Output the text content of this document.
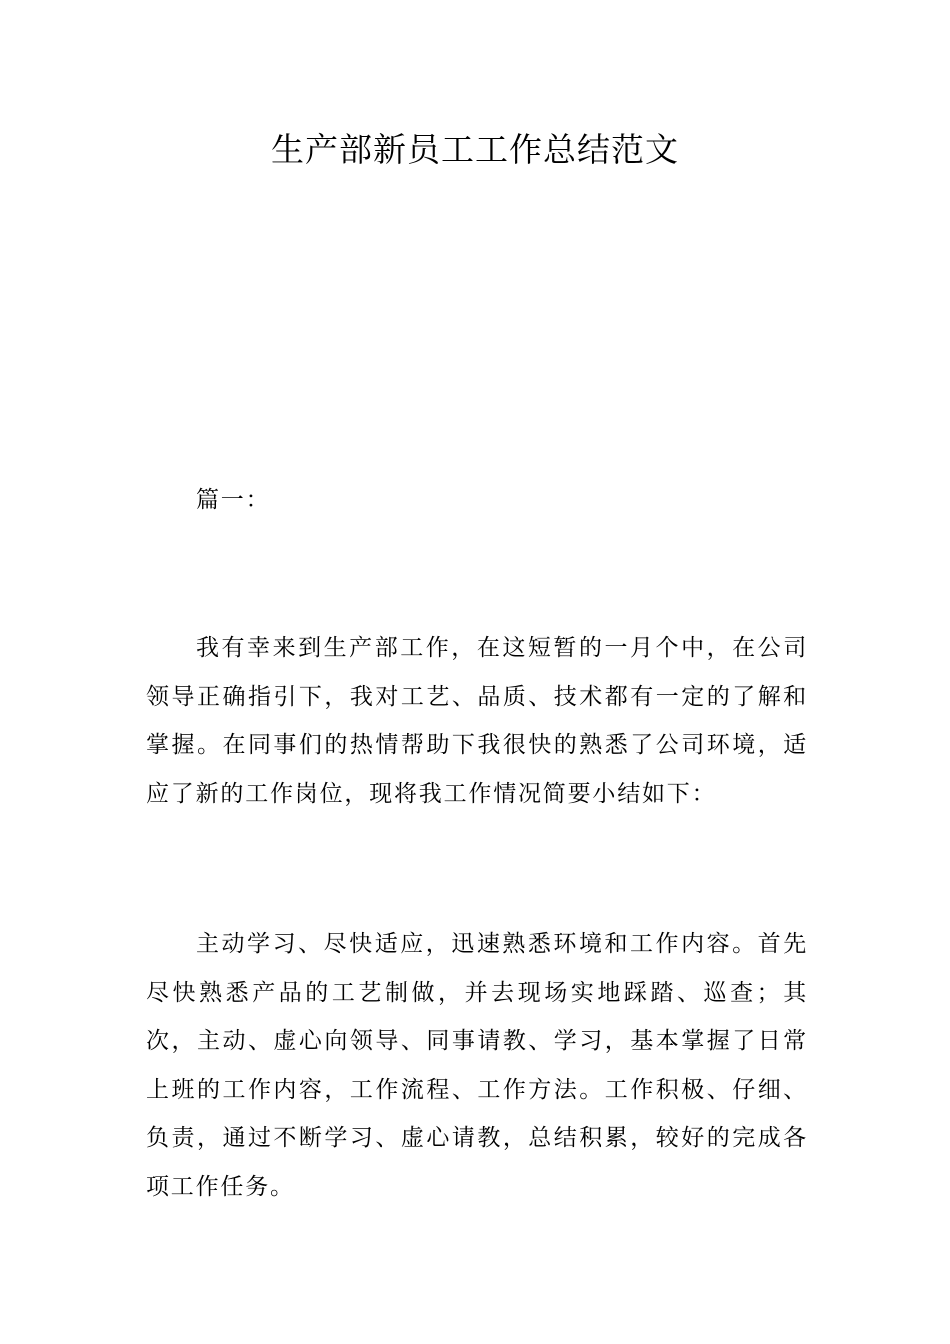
生产部新员工工作总结范文

篇一：

我有幸来到生产部工作，在这短暂的一月个中，在公司领导正确指引下，我对工艺、品质、技术都有一定的了解和掌握。在同事们的热情帮助下我很快的熟悉了公司环境，适应了新的工作岗位，现将我工作情况简要小结如下：

主动学习、尽快适应，迅速熟悉环境和工作内容。首先尽快熟悉产品的工艺制做，并去现场实地踩踏、巡查；其次，主动、虚心向领导、同事请教、学习，基本掌握了日常上班的工作内容，工作流程、工作方法。工作积极、仔细、负责，通过不断学习、虚心请教，总结积累，较好的完成各项工作任务。
